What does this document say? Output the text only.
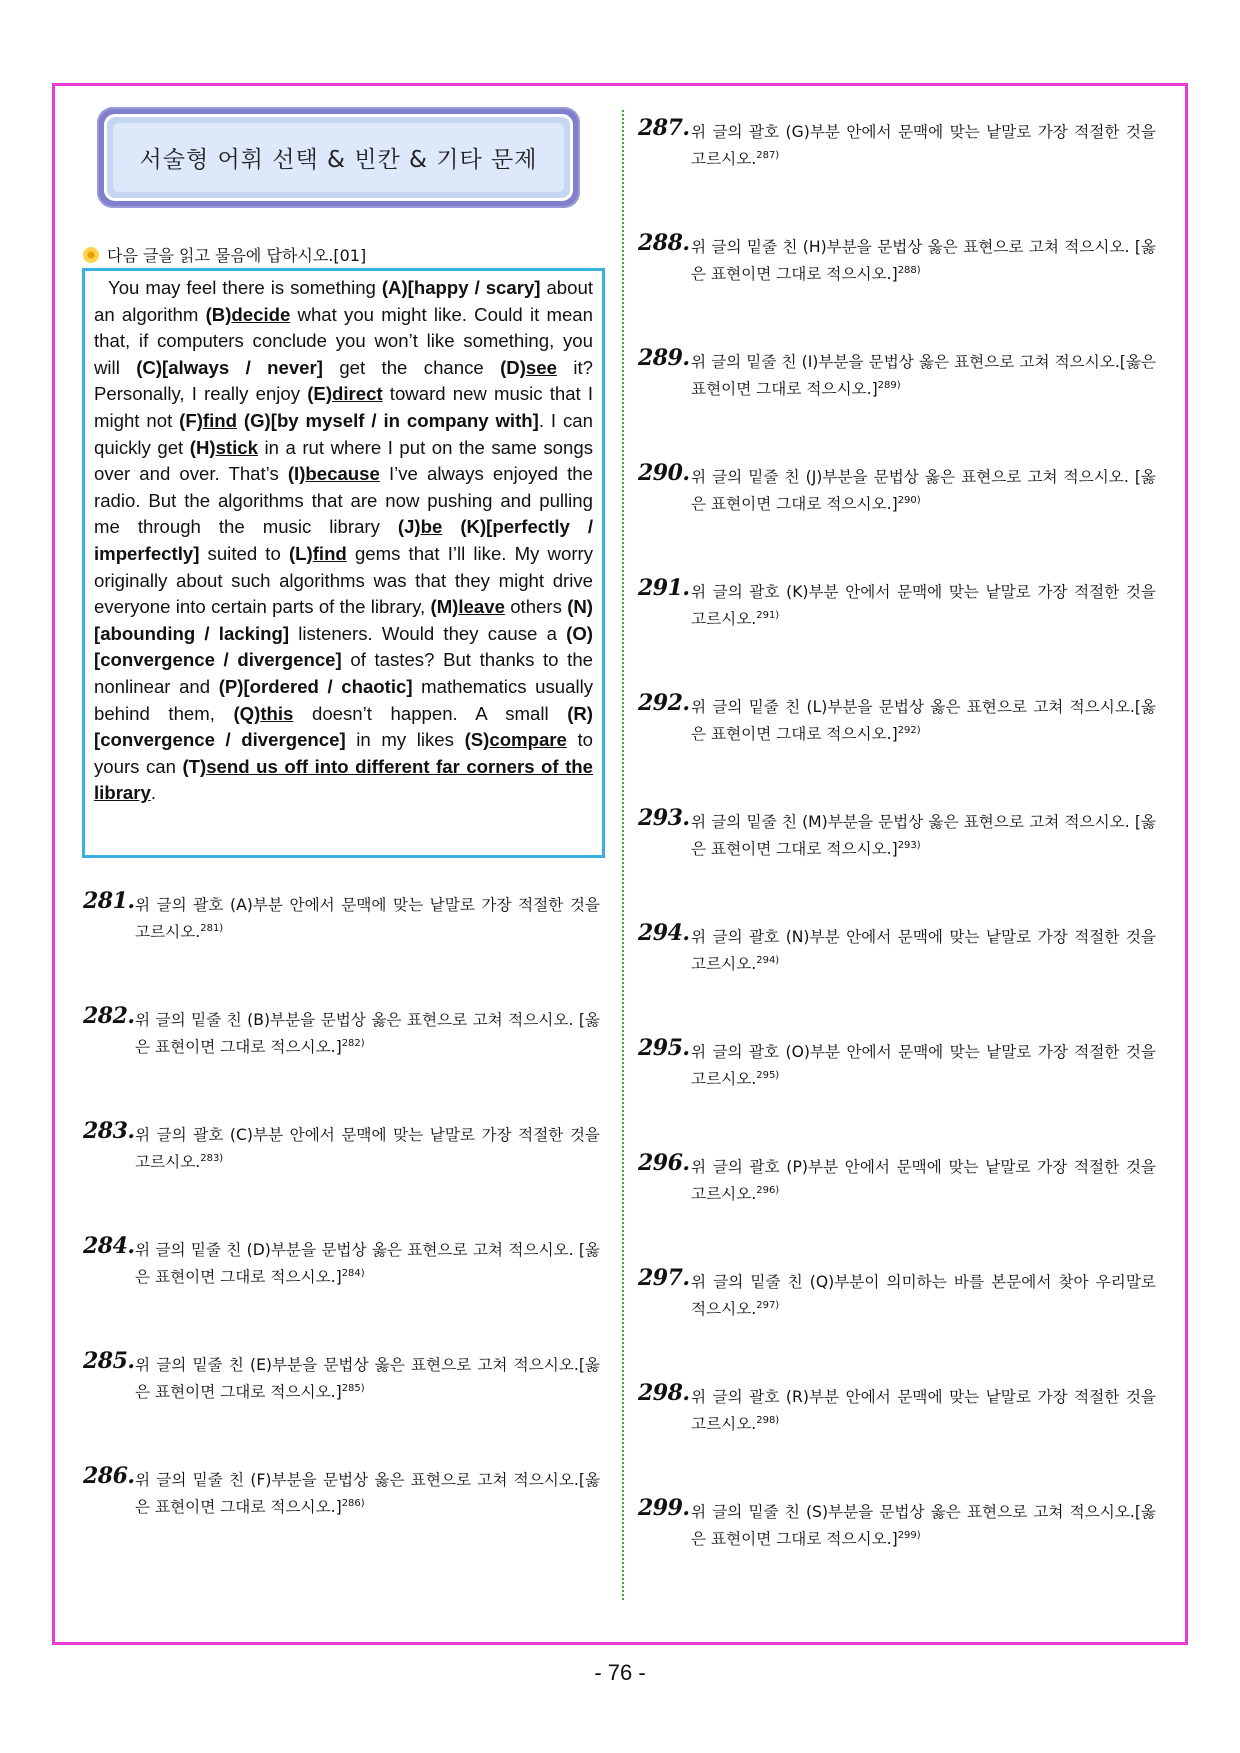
서술형 어휘 선택 & 빈칸 & 기타 문제
다음 글을 읽고 물음에 답하시오.[01]
You may feel there is something (A)[happy / scary] about an algorithm (B)decide what you might like. Could it mean that, if computers conclude you won’t like something, you will (C)[always / never] get the chance (D)see it? Personally, I really enjoy (E)direct toward new music that I might not (F)find (G)[by myself / in company with]. I can quickly get (H)stick in a rut where I put on the same songs over and over. That’s (I)because I’ve always enjoyed the radio. But the algorithms that are now pushing and pulling me through the music library (J)be (K)[perfectly / imperfectly] suited to (L)find gems that I’ll like. My worry originally about such algorithms was that they might drive everyone into certain parts of the library, (M)leave others (N)[abounding / lacking] listeners. Would they cause a (O)[convergence / divergence] of tastes? But thanks to the nonlinear and (P)[ordered / chaotic] mathematics usually behind them, (Q)this doesn’t happen. A small (R)[convergence / divergence] in my likes (S)compare to yours can (T)send us off into different far corners of the library.
281. 위 글의 괄호 (A)부분 안에서 문맥에 맞는 낱말로 가장 적절한 것을 고르시오.$^{281)}$
282. 위 글의 밑줄 친 (B)부분을 문법상 옳은 표현으로 고쳐 적으시오. [옳은 표현이면 그대로 적으시오.]$^{282)}$
283. 위 글의 괄호 (C)부분 안에서 문맥에 맞는 낱말로 가장 적절한 것을 고르시오.$^{283)}$
284. 위 글의 밑줄 친 (D)부분을 문법상 옳은 표현으로 고쳐 적으시오. [옳은 표현이면 그대로 적으시오.]$^{284)}$
285. 위 글의 밑줄 친 (E)부분을 문법상 옳은 표현으로 고쳐 적으시오.[옳은 표현이면 그대로 적으시오.]$^{285)}$
286. 위 글의 밑줄 친 (F)부분을 문법상 옳은 표현으로 고쳐 적으시오.[옳은 표현이면 그대로 적으시오.]$^{286)}$
287. 위 글의 괄호 (G)부분 안에서 문맥에 맞는 낱말로 가장 적절한 것을 고르시오.$^{287)}$
288. 위 글의 밑줄 친 (H)부분을 문법상 옳은 표현으로 고쳐 적으시오. [옳은 표현이면 그대로 적으시오.]$^{288)}$
289. 위 글의 밑줄 친 (I)부분을 문법상 옳은 표현으로 고쳐 적으시오.[옳은 표현이면 그대로 적으시오.]$^{289)}$
290. 위 글의 밑줄 친 (J)부분을 문법상 옳은 표현으로 고쳐 적으시오. [옳은 표현이면 그대로 적으시오.]$^{290)}$
291. 위 글의 괄호 (K)부분 안에서 문맥에 맞는 낱말로 가장 적절한 것을 고르시오.$^{291)}$
292. 위 글의 밑줄 친 (L)부분을 문법상 옳은 표현으로 고쳐 적으시오.[옳은 표현이면 그대로 적으시오.]$^{292)}$
293. 위 글의 밑줄 친 (M)부분을 문법상 옳은 표현으로 고쳐 적으시오. [옳은 표현이면 그대로 적으시오.]$^{293)}$
294. 위 글의 괄호 (N)부분 안에서 문맥에 맞는 낱말로 가장 적절한 것을 고르시오.$^{294)}$
295. 위 글의 괄호 (O)부분 안에서 문맥에 맞는 낱말로 가장 적절한 것을 고르시오.$^{295)}$
296. 위 글의 괄호 (P)부분 안에서 문맥에 맞는 낱말로 가장 적절한 것을 고르시오.$^{296)}$
297. 위 글의 밑줄 친 (Q)부분이 의미하는 바를 본문에서 찾아 우리말로 적으시오.$^{297)}$
298. 위 글의 괄호 (R)부분 안에서 문맥에 맞는 낱말로 가장 적절한 것을 고르시오.$^{298)}$
299. 위 글의 밑줄 친 (S)부분을 문법상 옳은 표현으로 고쳐 적으시오.[옳은 표현이면 그대로 적으시오.]$^{299)}$
- 76 -
